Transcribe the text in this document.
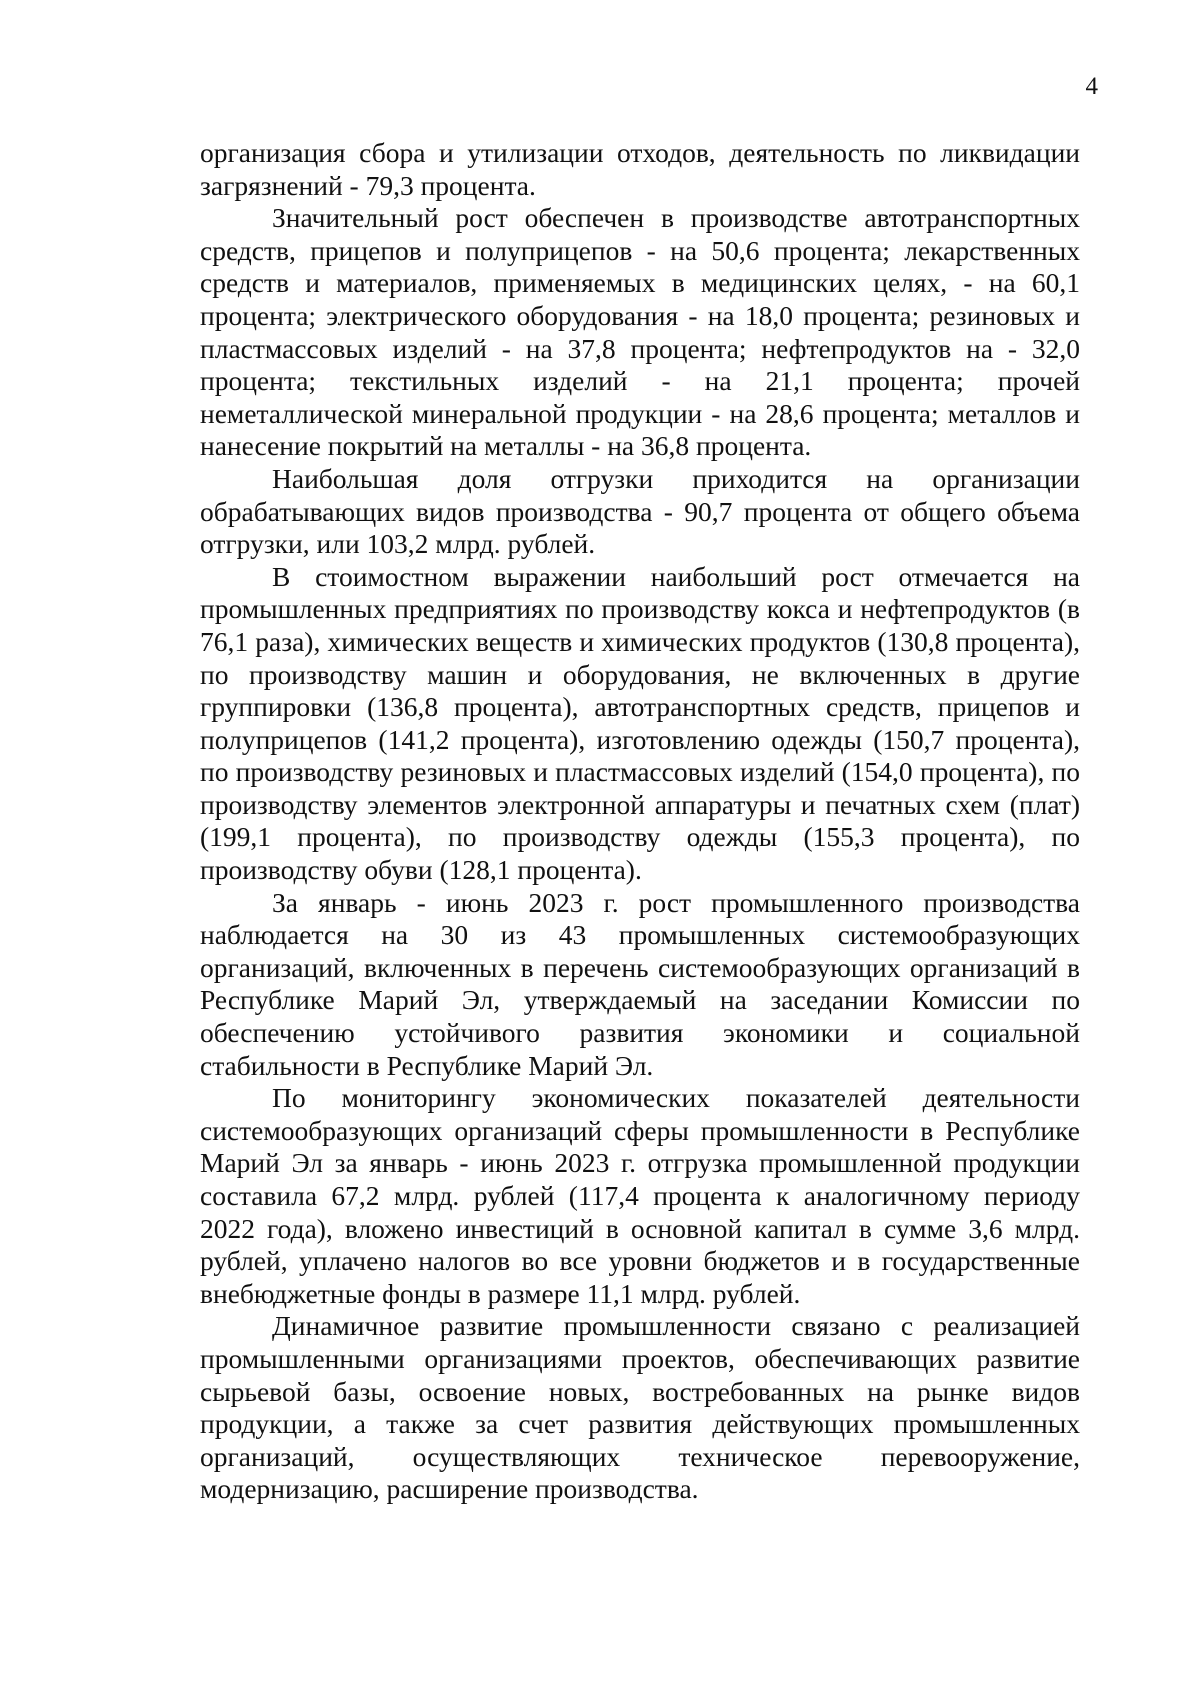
4

организация сбора и утилизации отходов, деятельность по ликвидации загрязнений - 79,3 процента.

Значительный рост обеспечен в производстве автотранспортных средств, прицепов и полуприцепов - на 50,6 процента; лекарственных средств и материалов, применяемых в медицинских целях, - на 60,1 процента; электрического оборудования - на 18,0 процента; резиновых и пластмассовых изделий - на 37,8 процента; нефтепродуктов на - 32,0 процента; текстильных изделий - на 21,1 процента; прочей неметаллической минеральной продукции - на 28,6 процента; металлов и нанесение покрытий на металлы - на 36,8 процента.

Наибольшая доля отгрузки приходится на организации обрабатывающих видов производства - 90,7 процента от общего объема отгрузки, или 103,2 млрд. рублей.

В стоимостном выражении наибольший рост отмечается на промышленных предприятиях по производству кокса и нефтепродуктов (в 76,1 раза), химических веществ и химических продуктов (130,8 процента), по производству машин и оборудования, не включенных в другие группировки (136,8 процента), автотранспортных средств, прицепов и полуприцепов (141,2 процента), изготовлению одежды (150,7 процента), по производству резиновых и пластмассовых изделий (154,0 процента), по производству элементов электронной аппаратуры и печатных схем (плат) (199,1 процента), по производству одежды (155,3 процента), по производству обуви (128,1 процента).

За январь - июнь 2023 г. рост промышленного производства наблюдается на 30 из 43 промышленных системообразующих организаций, включенных в перечень системообразующих организаций в Республике Марий Эл, утверждаемый на заседании Комиссии по обеспечению устойчивого развития экономики и социальной стабильности в Республике Марий Эл.

По мониторингу экономических показателей деятельности системообразующих организаций сферы промышленности в Республике Марий Эл за январь - июнь 2023 г. отгрузка промышленной продукции составила 67,2 млрд. рублей (117,4 процента к аналогичному периоду 2022 года), вложено инвестиций в основной капитал в сумме 3,6 млрд. рублей, уплачено налогов во все уровни бюджетов и в государственные внебюджетные фонды в размере 11,1 млрд. рублей.

Динамичное развитие промышленности связано с реализацией промышленными организациями проектов, обеспечивающих развитие сырьевой базы, освоение новых, востребованных на рынке видов продукции, а также за счет развития действующих промышленных организаций, осуществляющих техническое перевооружение, модернизацию, расширение производства.
